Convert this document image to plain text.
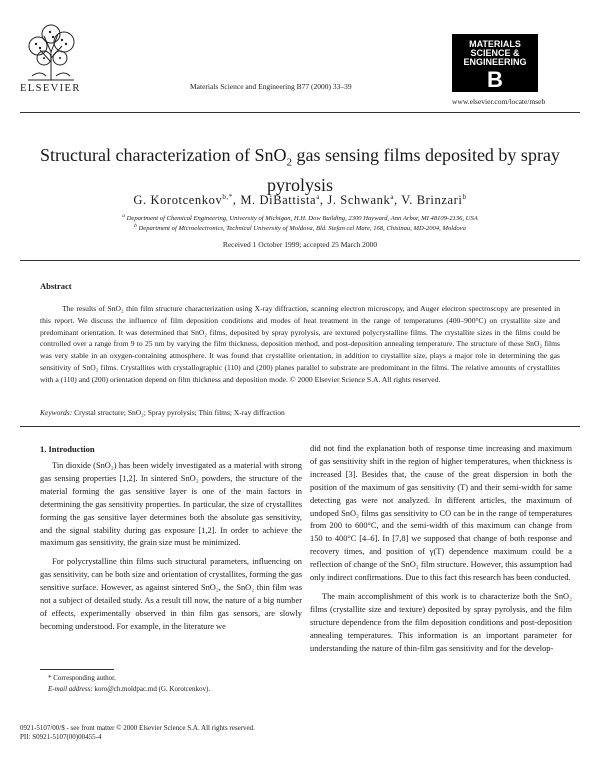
ELSEVIER	Materials Science and Engineering B77 (2000) 33–39
MATERIALS
SCIENCE &
ENGINEERING
B
www.elsevier.com/locate/mseb
Structural characterization of SnO$_2$ gas sensing films deposited by spray pyrolysis
G. Korotcenkov$^{b,*}$, M. DiBattista$^a$, J. Schwank$^a$, V. Brinzari$^b$
$^a$ Department of Chemical Engineering, University of Michigan, H.H. Dow Building, 2300 Hayward, Ann Arbor, MI 48109-2136, USA
$^b$ Department of Microelectronics, Technical University of Moldova, Bld. Stefan cel Mare, 168, Chisinau, MD-2004, Moldova
Received 1 October 1999; accepted 25 March 2000
Abstract
The results of SnO₂ thin film structure characterization using X-ray diffraction, scanning electron microscopy, and Auger electron spectroscopy are presented in this report. We discuss the influence of film deposition conditions and modes of heat treatment in the range of temperatures (400–900°C) on crystallite size and predominant orientation. It was determined that SnO₂ films, deposited by spray pyrolysis, are textured polycrystalline films. The crystallite sizes in the films could be controlled over a range from 9 to 25 nm by varying the film thickness, deposition method, and post-deposition annealing temperature. The structure of these SnO₂ films was very stable in an oxygen-containing atmosphere. It was found that crystallite orientation, in addition to crystallite size, plays a major role in determining the gas sensitivity of SnO₂ films. Crystallites with crystallographic (110) and (200) planes parallel to substrate are predominant in the films. The relative amounts of crystallites with a (110) and (200) orientation depend on film thickness and deposition mode. © 2000 Elsevier Science S.A. All rights reserved.
Keywords: Crystal structure; SnO₂; Spray pyrolysis; Thin films; X-ray diffraction
1. Introduction

Tin dioxide (SnO₂) has been widely investigated as a material with strong gas sensing properties [1,2]. In sintered SnO₂ powders, the structure of the material forming the gas sensitive layer is one of the main factors in determining the gas sensitivity properties. In particular, the size of crystallites forming the gas sensitive layer determines both the absolute gas sensitivity, and the signal stability during gas exposure [1,2]. In order to achieve the maximum gas sensitivity, the grain size must be minimized.

For polycrystalline thin films such structural parameters, influencing on gas sensitivity, can be both size and orientation of crystallites, forming the gas sensitive surface. However, as against sintered SnO₂, the SnO₂ thin film was not a subject of detailed study. As a result till now, the nature of a big number of effects, experimentally observed in thin film gas sensors, are slowly becoming understood. For example, in the literature we

did not find the explanation both of response time increasing and maximum of gas sensitivity shift in the region of higher temperatures, when thickness is increased [3]. Besides that, the cause of the great dispersion in both the position of the maximum of gas sensitivity (T) and their semi-width for same detecting gas were not analyzed. In different articles, the maximum of undoped SnO₂ films gas sensitivity to CO can be in the range of temperatures from 200 to 600°C, and the semi-width of this maximum can change from 150 to 400°C [4–6]. In [7,8] we supposed that change of both response and recovery times, and position of γ(T) dependence maximum could be a reflection of change of the SnO₂ film structure. However, this assumption had only indirect confirmations. Due to this fact this research has been conducted.

The main accomplishment of this work is to characterize both the SnO₂ films (crystallite size and texture) deposited by spray pyrolysis, and the film structure dependence from the film deposition conditions and post-deposition annealing temperatures. This information is an important parameter for understanding the nature of thin-film gas sensitivity and for the develop-

* Corresponding author.
E-mail address: koro@ch.moldpac.md (G. Korotcenkov).
0921-5107/00/$ - see front matter © 2000 Elsevier Science S.A. All rights reserved.
PII: S0921-5107(00)00455-4
